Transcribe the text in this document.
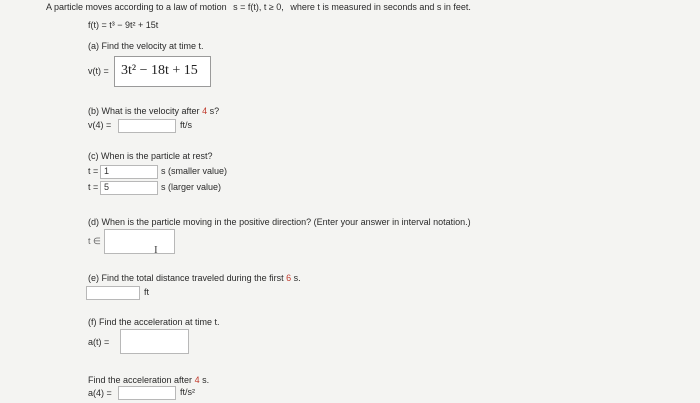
A particle moves according to a law of motion s = f(t), t ≥ 0, where t is measured in seconds and s in feet.
f(t) = t³ − 9t² + 15t
(a) Find the velocity at time t.
v(t) = 3t² − 18t + 15
(b) What is the velocity after 4 s?
v(4) =	ft/s
(c) When is the particle at rest?
t = 1	s (smaller value)
t = 5	s (larger value)
(d) When is the particle moving in the positive direction? (Enter your answer in interval notation.)
t ∈
I
(e) Find the total distance traveled during the first 6 s.
ft
(f) Find the acceleration at time t.
a(t) =
Find the acceleration after 4 s.
a(4) =	ft/s²
